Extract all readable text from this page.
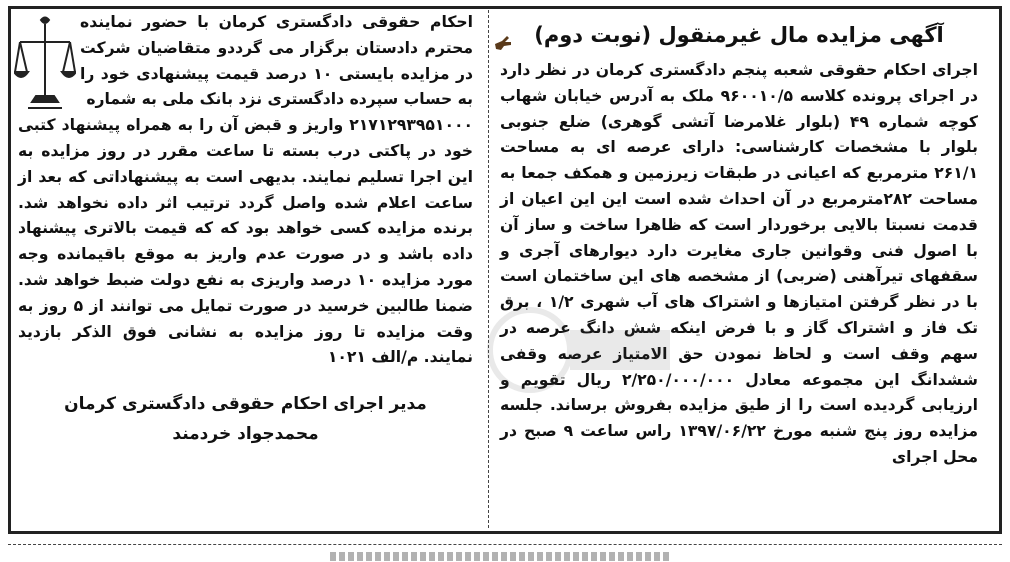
آگهی مزایده مال غیرمنقول (نوبت دوم)

اجرای احکام حقوقی شعبه پنجم دادگستری کرمان در نظر دارد در اجرای پرونده کلاسه ۹۶۰۰۱۰/۵ ملک به آدرس خیابان شهاب کوچه شماره ۴۹ (بلوار غلامرضا آتشی گوهری) ضلع جنوبی بلوار با مشخصات کارشناسی: دارای عرصه ای به مساحت ۲۶۱/۱ مترمربع که اعیانی در طبقات زیرزمین و همکف جمعا به مساحت ۲۸۲مترمربع در آن احداث شده است این این اعیان از قدمت نسبتا بالایی برخوردار است که ظاهرا ساخت و ساز آن با اصول فنی وقوانین جاری مغایرت دارد دیوارهای آجری و سقفهای تیرآهنی (ضربی) از مشخصه های این ساختمان است با در نظر گرفتن امتیازها و اشتراک های آب شهری ۱/۲ ، برق تک فاز و اشتراک گاز و با فرض اینکه شش دانگ عرصه در سهم وقف است و لحاظ نمودن حق الامتیاز عرصه وقفی ششدانگ این مجموعه معادل ۲/۲۵۰/۰۰۰/۰۰۰ ریال تقویم و ارزیابی گردیده است را از طیق مزایده بفروش برساند. جلسه مزایده روز پنج شنبه مورخ ۱۳۹۷/۰۶/۲۲ راس ساعت ۹ صبح در محل اجرای

احکام حقوقی دادگستری کرمان با حضور نماینده محترم دادستان برگزار می گرددو متقاضیان شرکت در مزایده بایستی ۱۰ درصد قیمت پیشنهادی خود را به حساب سپرده دادگستری نزد بانک ملی به شماره

۲۱۷۱۲۹۳۹۵۱۰۰۰ واریز و قبض آن را به همراه پیشنهاد کتبی خود در پاکتی درب بسته تا ساعت مقرر در روز مزایده به این اجرا تسلیم نمایند. بدیهی است به پیشنهاداتی که بعد از ساعت اعلام شده واصل گردد ترتیب اثر داده نخواهد شد. برنده مزایده کسی خواهد بود که که قیمت بالاتری پیشنهاد داده باشد و در صورت عدم واریز به موقع باقیمانده وجه مورد مزایده ۱۰ درصد واریزی به نفع دولت ضبط خواهد شد. ضمنا طالبین خرسید در صورت تمایل می توانند از ۵ روز به وقت مزایده تا روز مزایده به نشانی فوق الذکر بازدید نمایند. م/الف ۱۰۲۱

مدیر اجرای احکام حقوقی دادگستری کرمان

محمدجواد خردمند
